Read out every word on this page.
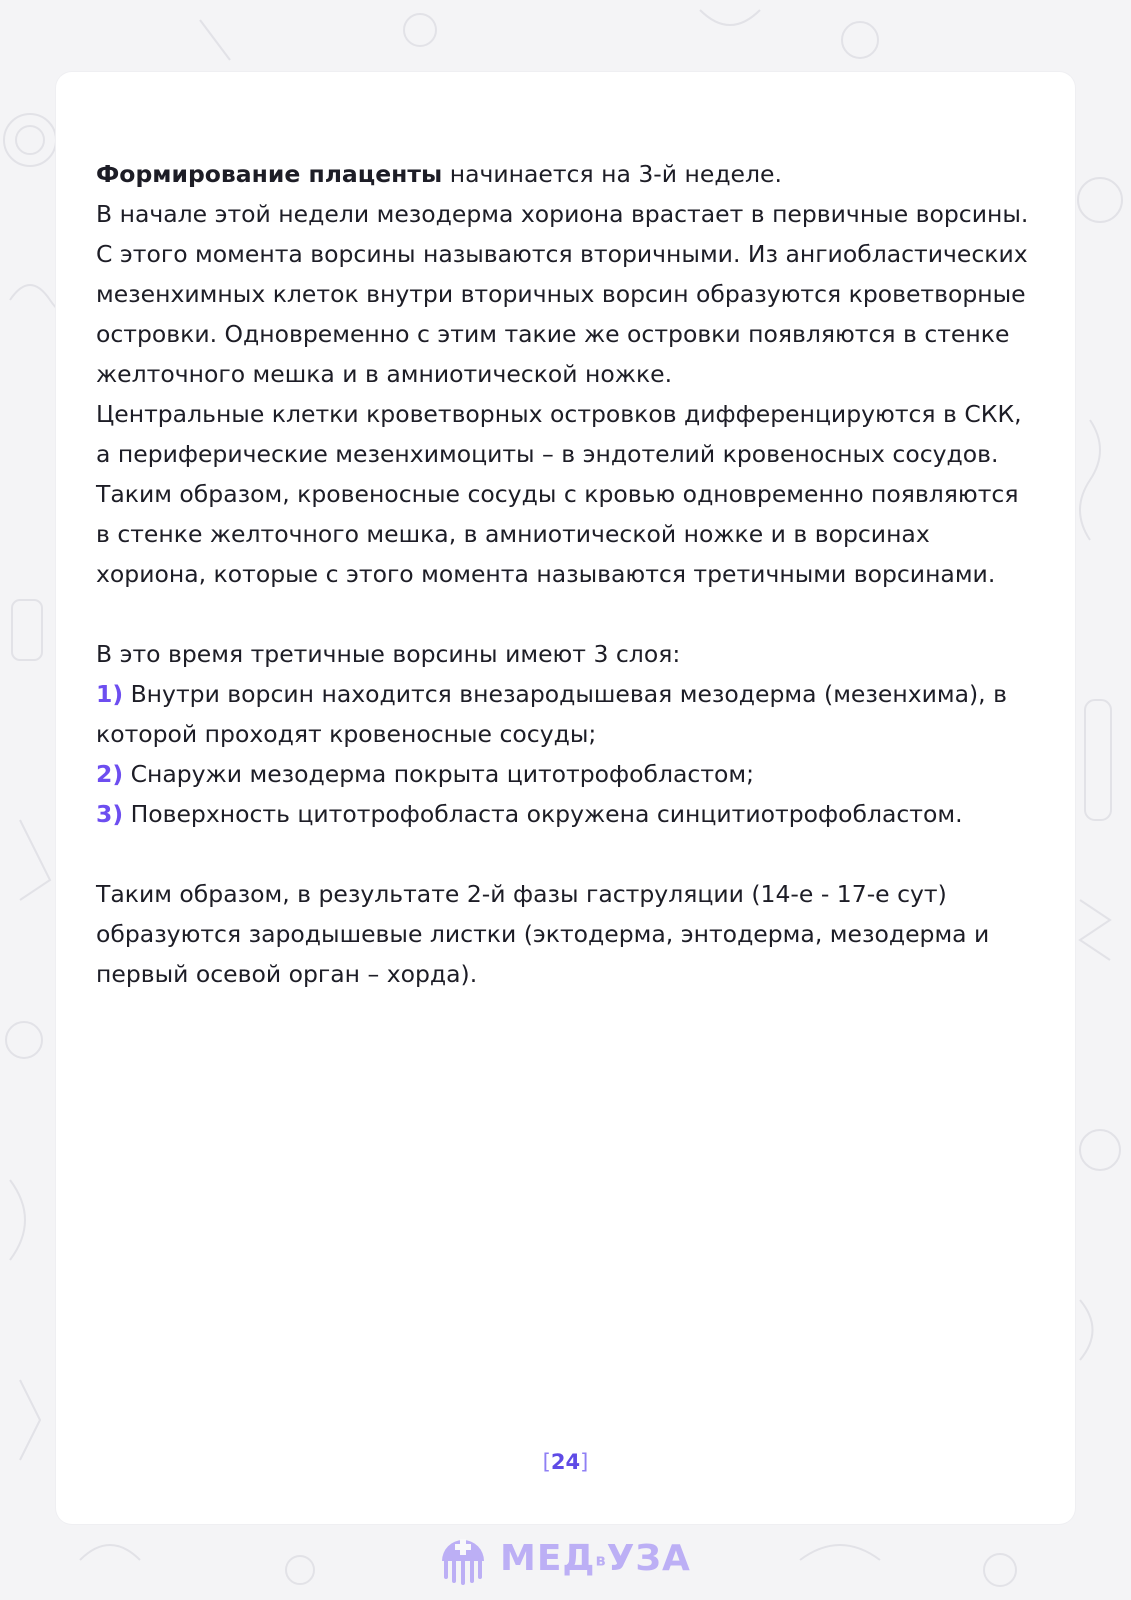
Формирование плаценты начинается на 3-й неделе.

В начале этой недели мезодерма хориона врастает в первичные ворсины. С этого момента ворсины называются вторичными. Из ангиобластических мезенхимных клеток внутри вторичных ворсин образуются кроветворные островки. Одновременно с этим такие же островки появляются в стенке желточного мешка и в амниотической ножке.

Центральные клетки кроветворных островков дифференцируются в СКК, а периферические мезенхимоциты – в эндотелий кровеносных сосудов.

Таким образом, кровеносные сосуды с кровью одновременно появляются в стенке желточного мешка, в амниотической ножке и в ворсинах хориона, которые с этого момента называются третичными ворсинами.

В это время третичные ворсины имеют 3 слоя:

1) Внутри ворсин находится внезародышевая мезодерма (мезенхима), в которой проходят кровеносные сосуды;

2) Снаружи мезодерма покрыта цитотрофобластом;

3) Поверхность цитотрофобласта окружена синцитиотрофобластом.

Таким образом, в результате 2-й фазы гаструляции (14-е - 17-е сут) образуются зародышевые листки (эктодерма, энтодерма, мезодерма и первый осевой орган – хорда).

[24]
МЕДвУЗА
